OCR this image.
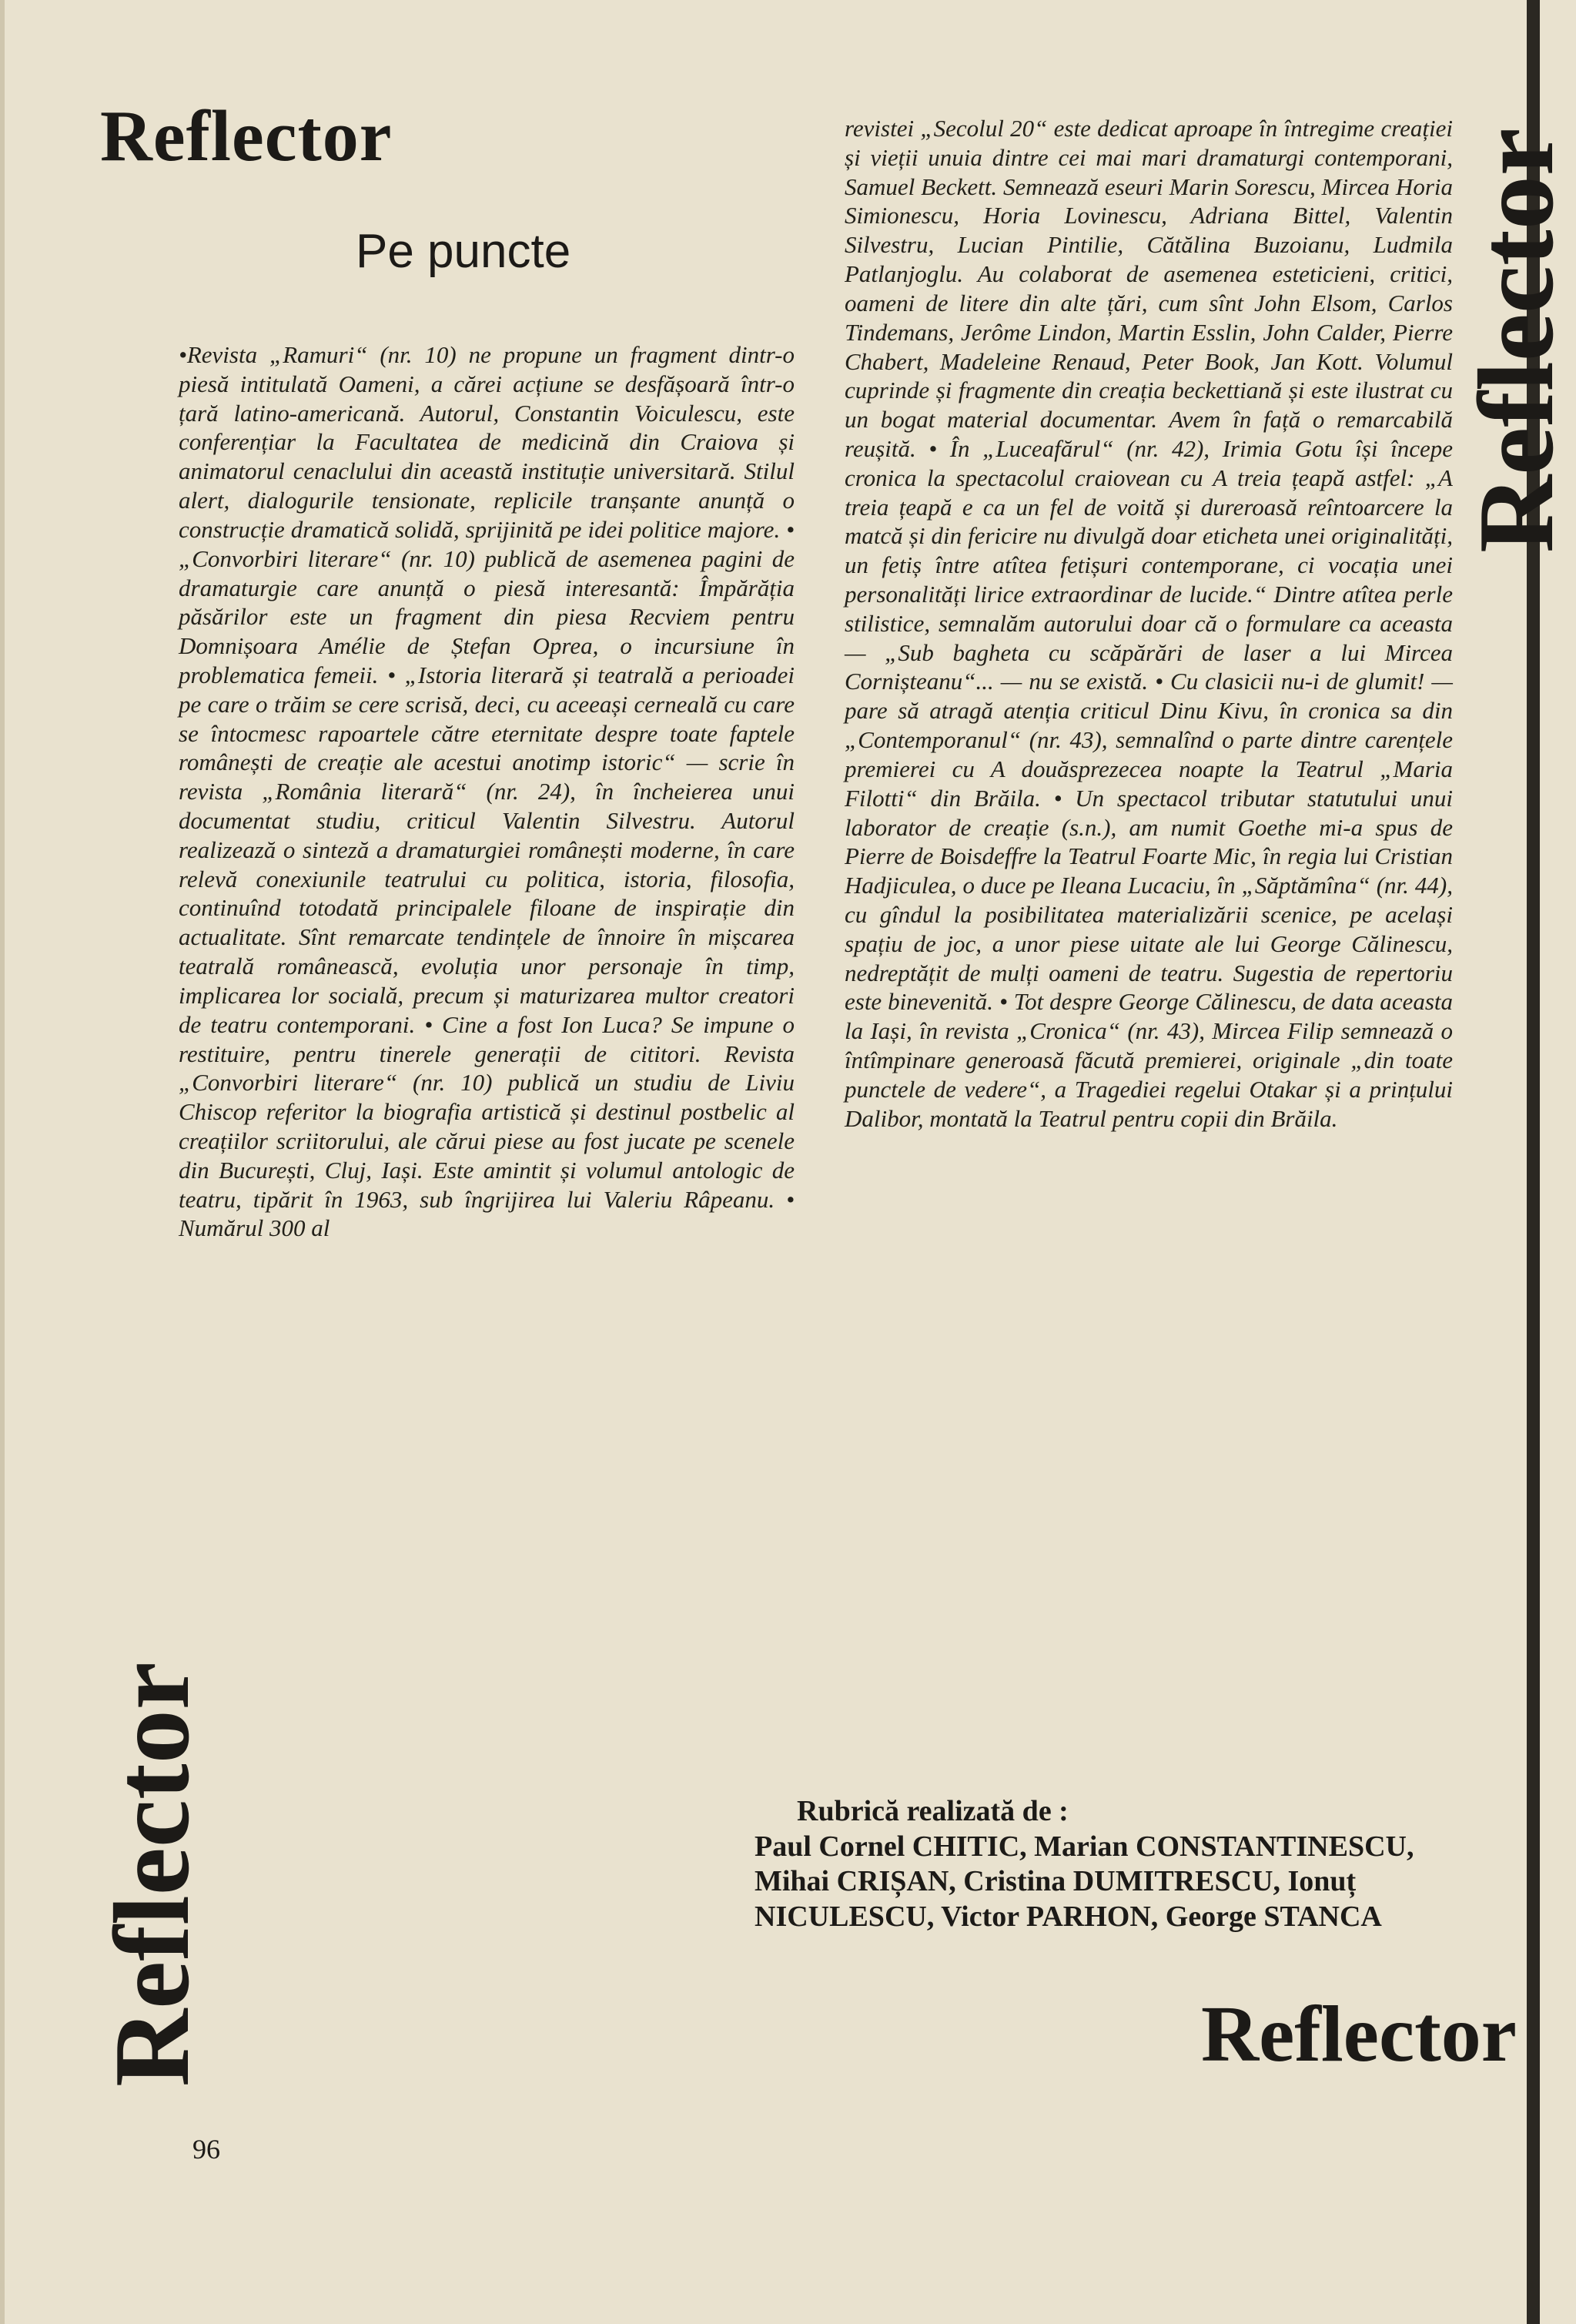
Reflector
Pe puncte

•Revista „Ramuri“ (nr. 10) ne propune un fragment dintr-o piesă intitulată Oameni, a cărei acțiune se desfășoară într-o țară latino-americană. Autorul, Constantin Voiculescu, este conferențiar la Facultatea de medicină din Craiova și animatorul cenaclului din această instituție universitară. Stilul alert, dialogurile tensionate, replicile tranșante anunță o construcție dramatică solidă, sprijinită pe idei politice majore. • „Convorbiri literare“ (nr. 10) publică de asemenea pagini de dramaturgie care anunță o piesă interesantă: Împărăția păsărilor este un fragment din piesa Recviem pentru Domnișoara Amélie de Ștefan Oprea, o incursiune în problematica femeii. • „Istoria literară și teatrală a perioadei pe care o trăim se cere scrisă, deci, cu aceeași cerneală cu care se întocmesc rapoartele către eternitate despre toate faptele românești de creație ale acestui anotimp istoric“ — scrie în revista „România literară“ (nr. 24), în încheierea unui documentat studiu, criticul Valentin Silvestru. Autorul realizează o sinteză a dramaturgiei românești moderne, în care relevă conexiunile teatrului cu politica, istoria, filosofia, continuînd totodată principalele filoane de inspirație din actualitate. Sînt remarcate tendințele de înnoire în mișcarea teatrală românească, evoluția unor personaje în timp, implicarea lor socială, precum și maturizarea multor creatori de teatru contemporani. • Cine a fost Ion Luca? Se impune o restituire, pentru tinerele generații de cititori. Revista „Convorbiri literare“ (nr. 10) publică un studiu de Liviu Chiscop referitor la biografia artistică și destinul postbelic al creațiilor scriitorului, ale cărui piese au fost jucate pe scenele din București, Cluj, Iași. Este amintit și volumul antologic de teatru, tipărit în 1963, sub îngrijirea lui Valeriu Râpeanu. • Numărul 300 al

revistei „Secolul 20“ este dedicat aproape în întregime creației și vieții unuia dintre cei mai mari dramaturgi contemporani, Samuel Beckett. Semnează eseuri Marin Sorescu, Mircea Horia Simionescu, Horia Lovinescu, Adriana Bittel, Valentin Silvestru, Lucian Pintilie, Cătălina Buzoianu, Ludmila Patlanjoglu. Au colaborat de asemenea esteticieni, critici, oameni de litere din alte țări, cum sînt John Elsom, Carlos Tindemans, Jerôme Lindon, Martin Esslin, John Calder, Pierre Chabert, Madeleine Renaud, Peter Book, Jan Kott. Volumul cuprinde și fragmente din creația beckettiană și este ilustrat cu un bogat material documentar. Avem în față o remarcabilă reușită. • În „Luceafărul“ (nr. 42), Irimia Gotu își începe cronica la spectacolul craiovean cu A treia țeapă astfel: „A treia țeapă e ca un fel de voită și dureroasă reîntoarcere la matcă și din fericire nu divulgă doar eticheta unei originalități, un fetiș între atîtea fetișuri contemporane, ci vocația unei personalități lirice extraordinar de lucide.“ Dintre atîtea perle stilistice, semnalăm autorului doar că o formulare ca aceasta — „Sub bagheta cu scăpărări de laser a lui Mircea Cornișteanu“... — nu se există. • Cu clasicii nu-i de glumit! — pare să atragă atenția criticul Dinu Kivu, în cronica sa din „Contemporanul“ (nr. 43), semnalînd o parte dintre carențele premierei cu A douăsprezecea noapte la Teatrul „Maria Filotti“ din Brăila. • Un spectacol tributar statutului unui laborator de creație (s.n.), am numit Goethe mi-a spus de Pierre de Boisdeffre la Teatrul Foarte Mic, în regia lui Cristian Hadjiculea, o duce pe Ileana Lucaciu, în „Săptămîna“ (nr. 44), cu gîndul la posibilitatea materializării scenice, pe același spațiu de joc, a unor piese uitate ale lui George Călinescu, nedreptățit de mulți oameni de teatru. Sugestia de repertoriu este binevenită. • Tot despre George Călinescu, de data aceasta la Iași, în revista „Cronica“ (nr. 43), Mircea Filip semnează o întîmpinare generoasă făcută premierei, originale „din toate punctele de vedere“, a Tragediei regelui Otakar și a prințului Dalibor, montată la Teatrul pentru copii din Brăila.

Reflector
Reflector	Rubrică realizată de :
Paul Cornel CHITIC, Marian CONSTANTINESCU, Mihai CRIȘAN, Cristina DUMITRESCU, Ionuț NICULESCU, Victor PARHON, George STANCA
Reflector
96
